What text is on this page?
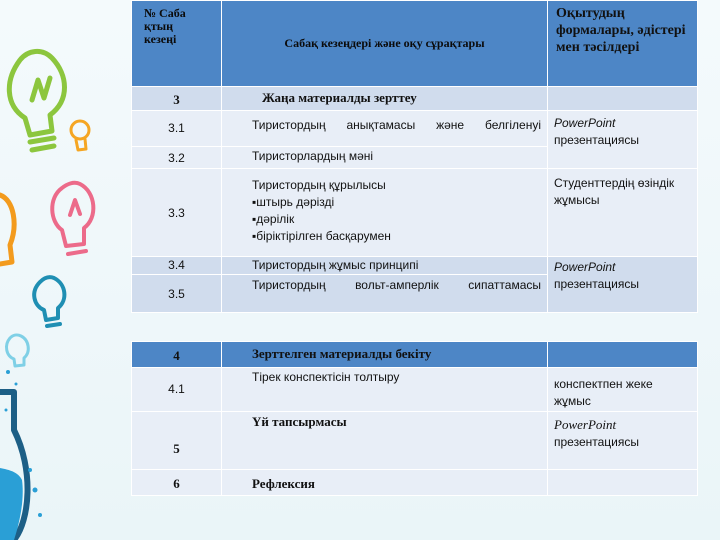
№ Саба қтың кезеңі	Сабақ кезеңдері және оқу сұрақтары	Оқытудың формалары, әдістері мен тәсілдері
3	Жаңа материалды зерттеу	
3.1	Тиристордың анықтамасы және белгіленуі	PowerPoint
презентациясы
3.2	Тиристорлардың мәні	
3.3	Тиристордың құрылысы
▪штырь дәрізді
▪дәрілік
▪біріктірілген басқарумен	Студенттердің өзіндік жұмысы
3.4	Тиристордың жұмыс принципі	PowerPoint
презентациясы
3.5	Тиристордың вольт-амперлік сипаттамасы	
4	Зерттелген материалды бекіту	
4.1	Тірек конспектісін толтыру	конспектпен жеке жұмыс
5	Үй тапсырмасы	PowerPoint
презентациясы
6	Рефлексия	
